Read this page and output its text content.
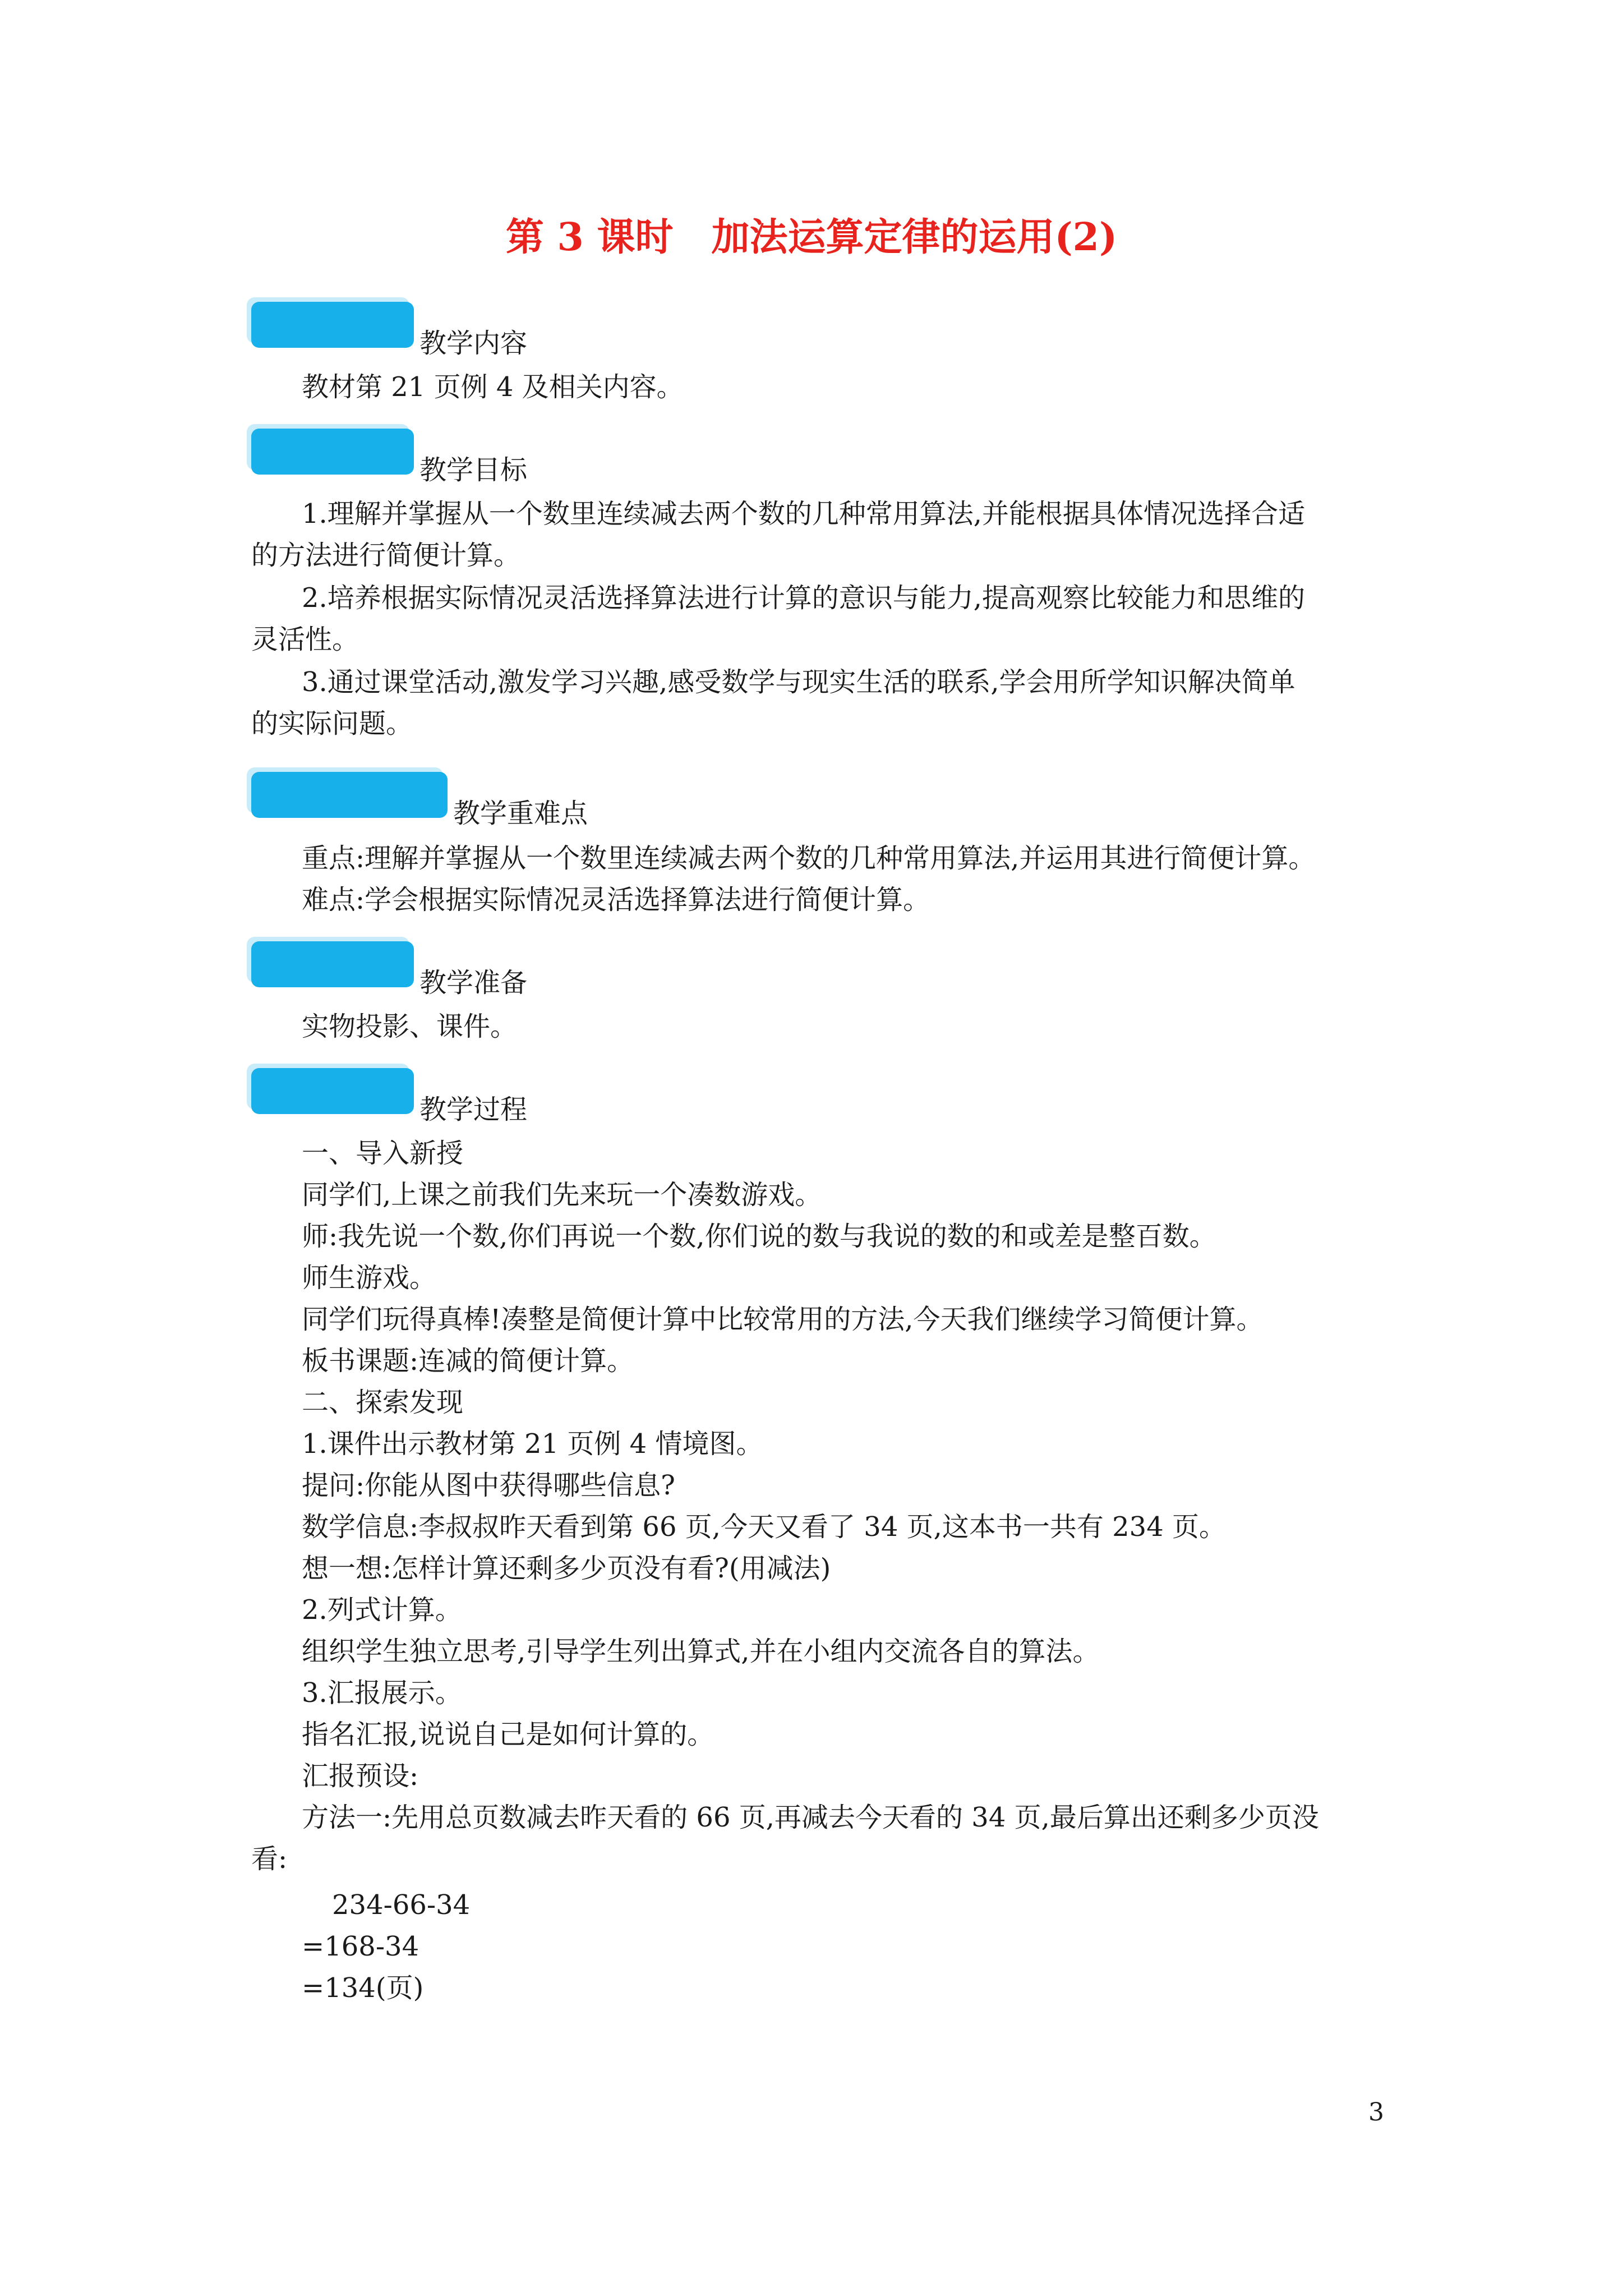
第 3 课时　加法运算定律的运用(2)
教学内容
教材第 21 页例 4 及相关内容。
教学目标
1.理解并掌握从一个数里连续减去两个数的几种常用算法,并能根据具体情况选择合适
的方法进行简便计算。
2.培养根据实际情况灵活选择算法进行计算的意识与能力,提高观察比较能力和思维的
灵活性。
3.通过课堂活动,激发学习兴趣,感受数学与现实生活的联系,学会用所学知识解决简单
的实际问题。
教学重难点
重点:理解并掌握从一个数里连续减去两个数的几种常用算法,并运用其进行简便计算。
难点:学会根据实际情况灵活选择算法进行简便计算。
教学准备
实物投影、课件。
教学过程
一、导入新授
同学们,上课之前我们先来玩一个凑数游戏。
师:我先说一个数,你们再说一个数,你们说的数与我说的数的和或差是整百数。
师生游戏。
同学们玩得真棒!凑整是简便计算中比较常用的方法,今天我们继续学习简便计算。
板书课题:连减的简便计算。
二、探索发现
1.课件出示教材第 21 页例 4 情境图。
提问:你能从图中获得哪些信息?
数学信息:李叔叔昨天看到第 66 页,今天又看了 34 页,这本书一共有 234 页。
想一想:怎样计算还剩多少页没有看?(用减法)
2.列式计算。
组织学生独立思考,引导学生列出算式,并在小组内交流各自的算法。
3.汇报展示。
指名汇报,说说自己是如何计算的。
汇报预设:
方法一:先用总页数减去昨天看的 66 页,再减去今天看的 34 页,最后算出还剩多少页没
看:
234-66-34
=168-34
=134(页)
3
